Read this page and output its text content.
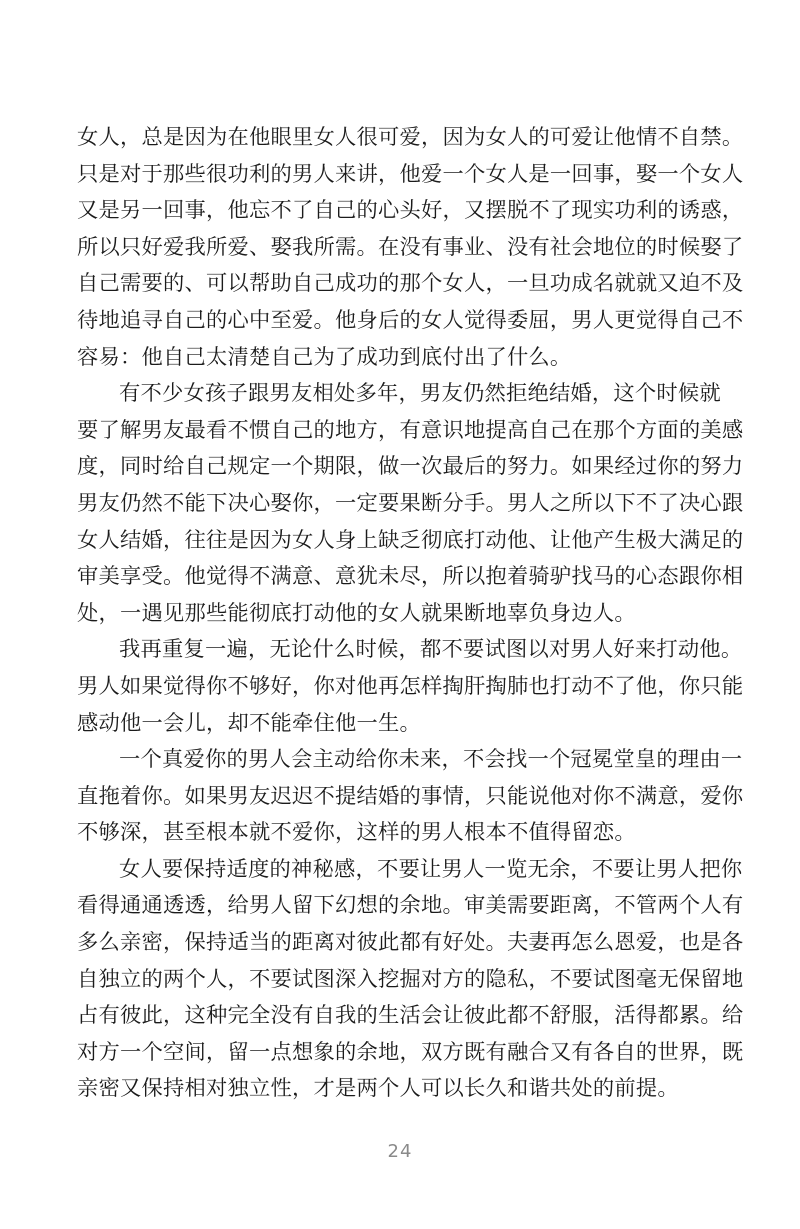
女人，总是因为在他眼里女人很可爱，因为女人的可爱让他情不自禁。
只是对于那些很功利的男人来讲，他爱一个女人是一回事，娶一个女人
又是另一回事，他忘不了自己的心头好，又摆脱不了现实功利的诱惑，
所以只好爱我所爱、娶我所需。在没有事业、没有社会地位的时候娶了
自己需要的、可以帮助自己成功的那个女人，一旦功成名就就又迫不及
待地追寻自己的心中至爱。他身后的女人觉得委屈，男人更觉得自己不
容易：他自己太清楚自己为了成功到底付出了什么。
有不少女孩子跟男友相处多年，男友仍然拒绝结婚，这个时候就
要了解男友最看不惯自己的地方，有意识地提高自己在那个方面的美感
度，同时给自己规定一个期限，做一次最后的努力。如果经过你的努力
男友仍然不能下决心娶你，一定要果断分手。男人之所以下不了决心跟
女人结婚，往往是因为女人身上缺乏彻底打动他、让他产生极大满足的
审美享受。他觉得不满意、意犹未尽，所以抱着骑驴找马的心态跟你相
处，一遇见那些能彻底打动他的女人就果断地辜负身边人。
我再重复一遍，无论什么时候，都不要试图以对男人好来打动他。
男人如果觉得你不够好，你对他再怎样掏肝掏肺也打动不了他，你只能
感动他一会儿，却不能牵住他一生。
一个真爱你的男人会主动给你未来，不会找一个冠冕堂皇的理由一
直拖着你。如果男友迟迟不提结婚的事情，只能说他对你不满意，爱你
不够深，甚至根本就不爱你，这样的男人根本不值得留恋。
女人要保持适度的神秘感，不要让男人一览无余，不要让男人把你
看得通通透透，给男人留下幻想的余地。审美需要距离，不管两个人有
多么亲密，保持适当的距离对彼此都有好处。夫妻再怎么恩爱，也是各
自独立的两个人，不要试图深入挖掘对方的隐私，不要试图毫无保留地
占有彼此，这种完全没有自我的生活会让彼此都不舒服，活得都累。给
对方一个空间，留一点想象的余地，双方既有融合又有各自的世界，既
亲密又保持相对独立性，才是两个人可以长久和谐共处的前提。
24
